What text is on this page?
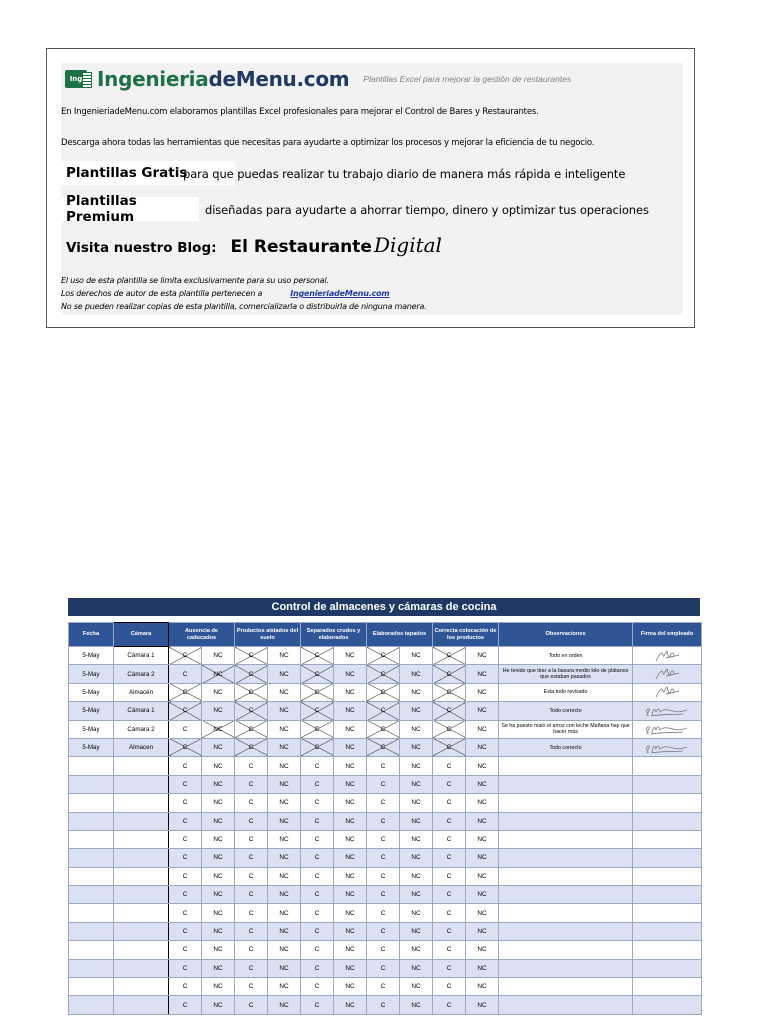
Ing IngenieriadeMenu.com Plantillas Excel para mejorar la gestión de restaurantes
En IngenieriadeMenu.com elaboramos plantillas Excel profesionales para mejorar el Control de Bares y Restaurantes.
Descarga ahora todas las herramientas que necesitas para ayudarte a optimizar los procesos y mejorar la eficiencia de tu negocio.
Plantillas Gratis
para que puedas realizar tu trabajo diario de manera más rápida e inteligente
Plantillas Premium	diseñadas para ayudarte a ahorrar tiempo, dinero y optimizar tus operaciones
Visita nuestro Blog: El Restaurante Digital
El uso de esta plantilla se limita exclusivamente para su uso personal.
Los derechos de autor de esta plantilla pertenecen a	IngenieriadeMenu.com
No se pueden realizar copias de esta plantilla, comercializarla o distribuirla de ninguna manera.
Control de almacenes y cámaras de cocina
Fecha	Cámara	Ausencia de caducados		Productos aislados del suelo		Separados crudos y elaborados		Elaborados tapados		Correcta colocación de los productos		Observaciones	Firma del empleado
5-May	Cámara 1	C	NC	C	NC	C	NC	C	NC	C	NC	Todo en orden	

5-May	Cámara 2	C	NC	C	NC	C	NC	C	NC	C	NC	He tenido que tirar a la basura medio kilo de plátanos que estaban pasados	

5-May	Almacén	C	NC	C	NC	C	NC	C	NC	C	NC	Esta todo revisado	

5-May	Cámara 1	C	NC	C	NC	C	NC	C	NC	C	NC	Todo correcto	

5-May	Cámara 2	C	NC	C	NC	C	NC	C	NC	C	NC	Se ha puesto malo el arroz con leche Mañana hay que hacer más	

5-May	Almacen	C	NC	C	NC	C	NC	C	NC	C	NC	Todo correcto	

		C	NC	C	NC	C	NC	C	NC	C	NC		
		C	NC	C	NC	C	NC	C	NC	C	NC		
		C	NC	C	NC	C	NC	C	NC	C	NC		
		C	NC	C	NC	C	NC	C	NC	C	NC		
		C	NC	C	NC	C	NC	C	NC	C	NC		
		C	NC	C	NC	C	NC	C	NC	C	NC		
		C	NC	C	NC	C	NC	C	NC	C	NC		
		C	NC	C	NC	C	NC	C	NC	C	NC		
		C	NC	C	NC	C	NC	C	NC	C	NC		
		C	NC	C	NC	C	NC	C	NC	C	NC		
		C	NC	C	NC	C	NC	C	NC	C	NC		
		C	NC	C	NC	C	NC	C	NC	C	NC		
		C	NC	C	NC	C	NC	C	NC	C	NC		
		C	NC	C	NC	C	NC	C	NC	C	NC		
